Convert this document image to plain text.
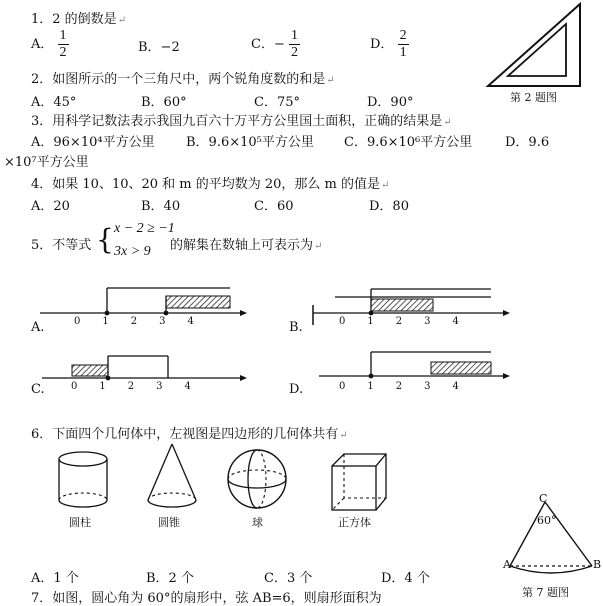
1．2 的倒数是↵
A． $\frac{1}{2}$	B．−2	C．− $\frac{1}{2}$	D． $\frac{2}{1}$
第 2 题图
2．如图所示的一个三角尺中，两个锐角度数的和是↵
A．45°	B．60°	C．75°	D．90°
3．用科学记数法表示我国九百六十万平方公里国土面积，正确的结果是↵
A．96×10⁴平方公里 B．9.6×10⁵平方公里 C．9.6×10⁶平方公里	D．9.6
×10⁷平方公里
4．如果 10、10、20 和 m 的平均数为 20，那么 m 的值是↵
A．20	B．40	C．60	D．80
5．不等式 { x − 2 ≥ −1
3x > 9 的解集在数轴上可表示为↵
A.	0 1 2 3 4	B.	0 1 2 3 4
C.	0 1 2 3 4	D.	0 1 2 3 4
6．下面四个几何体中，左视图是四边形的几何体共有↵
圆柱	圆锥	球	正方体
A．1 个	B．2 个	C．3 个	D．4 个
C
60°
A	B
第 7 题图
7．如图，圆心角为 60°的扇形中，弦 AB=6，则扇形面积为
